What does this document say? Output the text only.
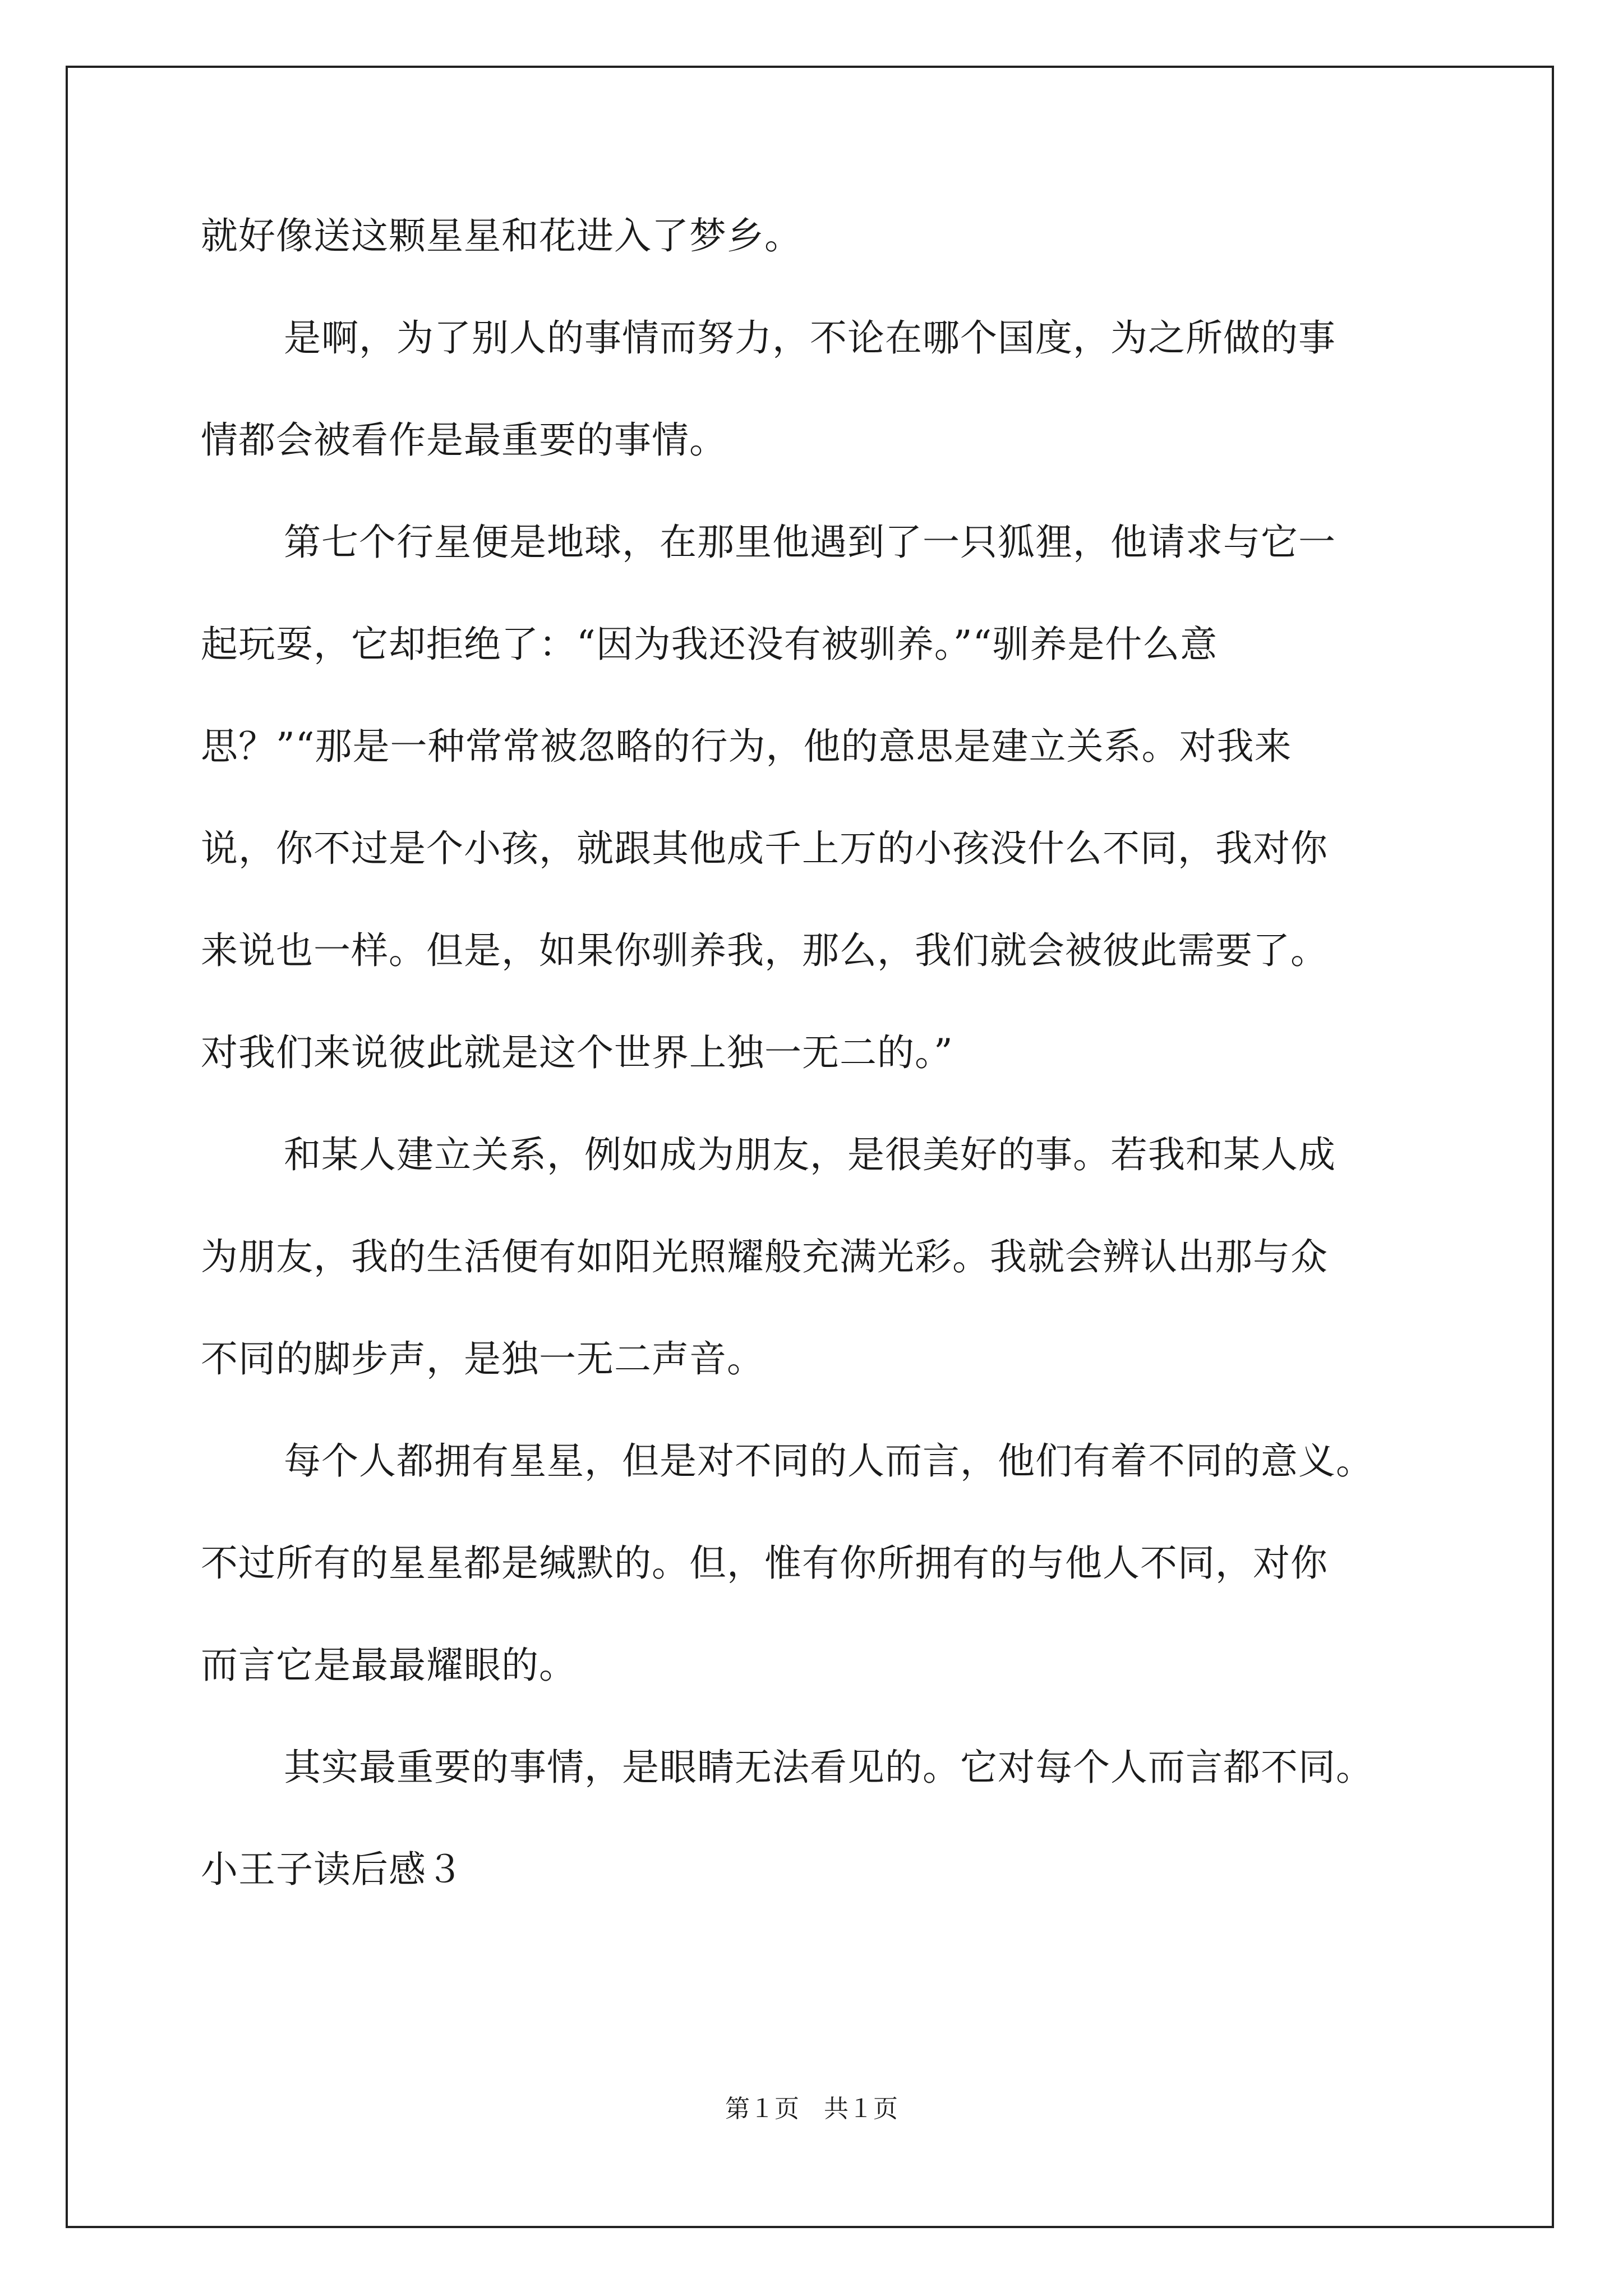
就好像送这颗星星和花进入了梦乡。

是啊，为了别人的事情而努力，不论在哪个国度，为之所做的事

情都会被看作是最重要的事情。

第七个行星便是地球，在那里他遇到了一只狐狸，他请求与它一

起玩耍，它却拒绝了：“因为我还没有被驯养。”“驯养是什么意

思？”“那是一种常常被忽略的行为，他的意思是建立关系。对我来

说，你不过是个小孩，就跟其他成千上万的小孩没什么不同，我对你

来说也一样。但是，如果你驯养我，那么，我们就会被彼此需要了。

对我们来说彼此就是这个世界上独一无二的。”

和某人建立关系，例如成为朋友，是很美好的事。若我和某人成

为朋友，我的生活便有如阳光照耀般充满光彩。我就会辨认出那与众

不同的脚步声，是独一无二声音。

每个人都拥有星星，但是对不同的人而言，他们有着不同的意义。

不过所有的星星都是缄默的。但，惟有你所拥有的与他人不同，对你

而言它是最最耀眼的。

其实最重要的事情，是眼睛无法看见的。它对每个人而言都不同。

小王子读后感３

第１页　共１页
